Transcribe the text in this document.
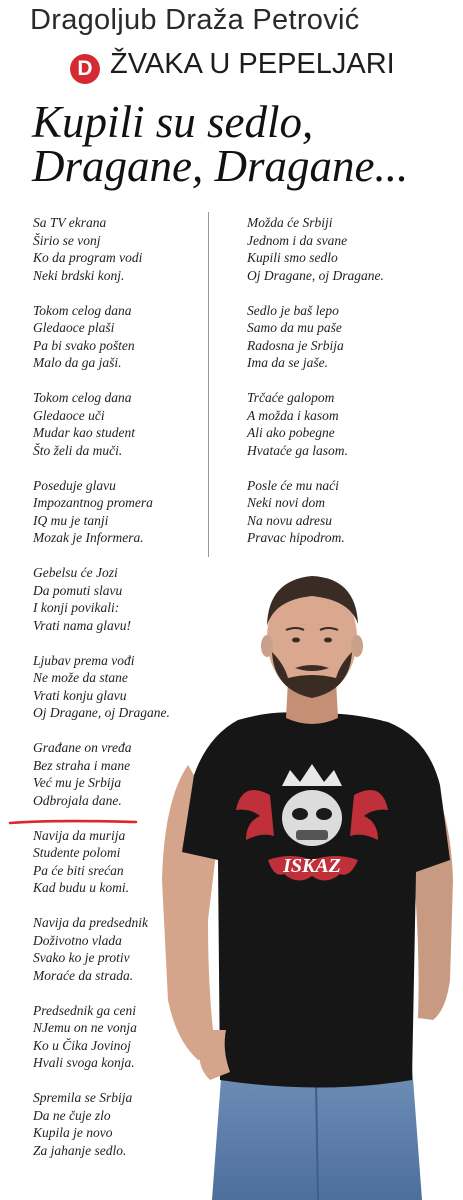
Dragoljub Draža Petrović
D ŽVAKA U PEPELJARI
Kupili su sedlo,
Dragane, Dragane...
Sa TV ekrana
Širio se vonj
Ko da program vodi
Neki brdski konj.
Tokom celog dana
Gledaoce plaši
Pa bi svako pošten
Malo da ga jaši.
Tokom celog dana
Gledaoce uči
Mudar kao student
Što želi da muči.
Poseduje glavu
Impozantnog promera
IQ mu je tanji
Mozak je Informera.
Gebelsu će Jozi
Da pomuti slavu
I konji povikali:
Vrati nama glavu!
Ljubav prema vođi
Ne može da stane
Vrati konju glavu
Oj Dragane, oj Dragane.
Građane on vređa
Bez straha i mane
Već mu je Srbija
Odbrojala dane.
Navija da murija
Studente polomi
Pa će biti srećan
Kad budu u komi.
Navija da predsednik
Doživotno vlada
Svako ko je protiv
Moraće da strada.
Predsednik ga ceni
NJemu on ne vonja
Ko u Čika Jovinoj
Hvali svoga konja.
Spremila se Srbija
Da ne čuje zlo
Kupila je novo
Za jahanje sedlo.
Možda će Srbiji
Jednom i da svane
Kupili smo sedlo
Oj Dragane, oj Dragane.
Sedlo je baš lepo
Samo da mu paše
Radosna je Srbija
Ima da se jaše.
Trčaće galopom
A možda i kasom
Ali ako pobegne
Hvataće ga lasom.
Posle će mu naći
Neki novi dom
Na novu adresu
Pravac hipodrom.
ISKAZ
